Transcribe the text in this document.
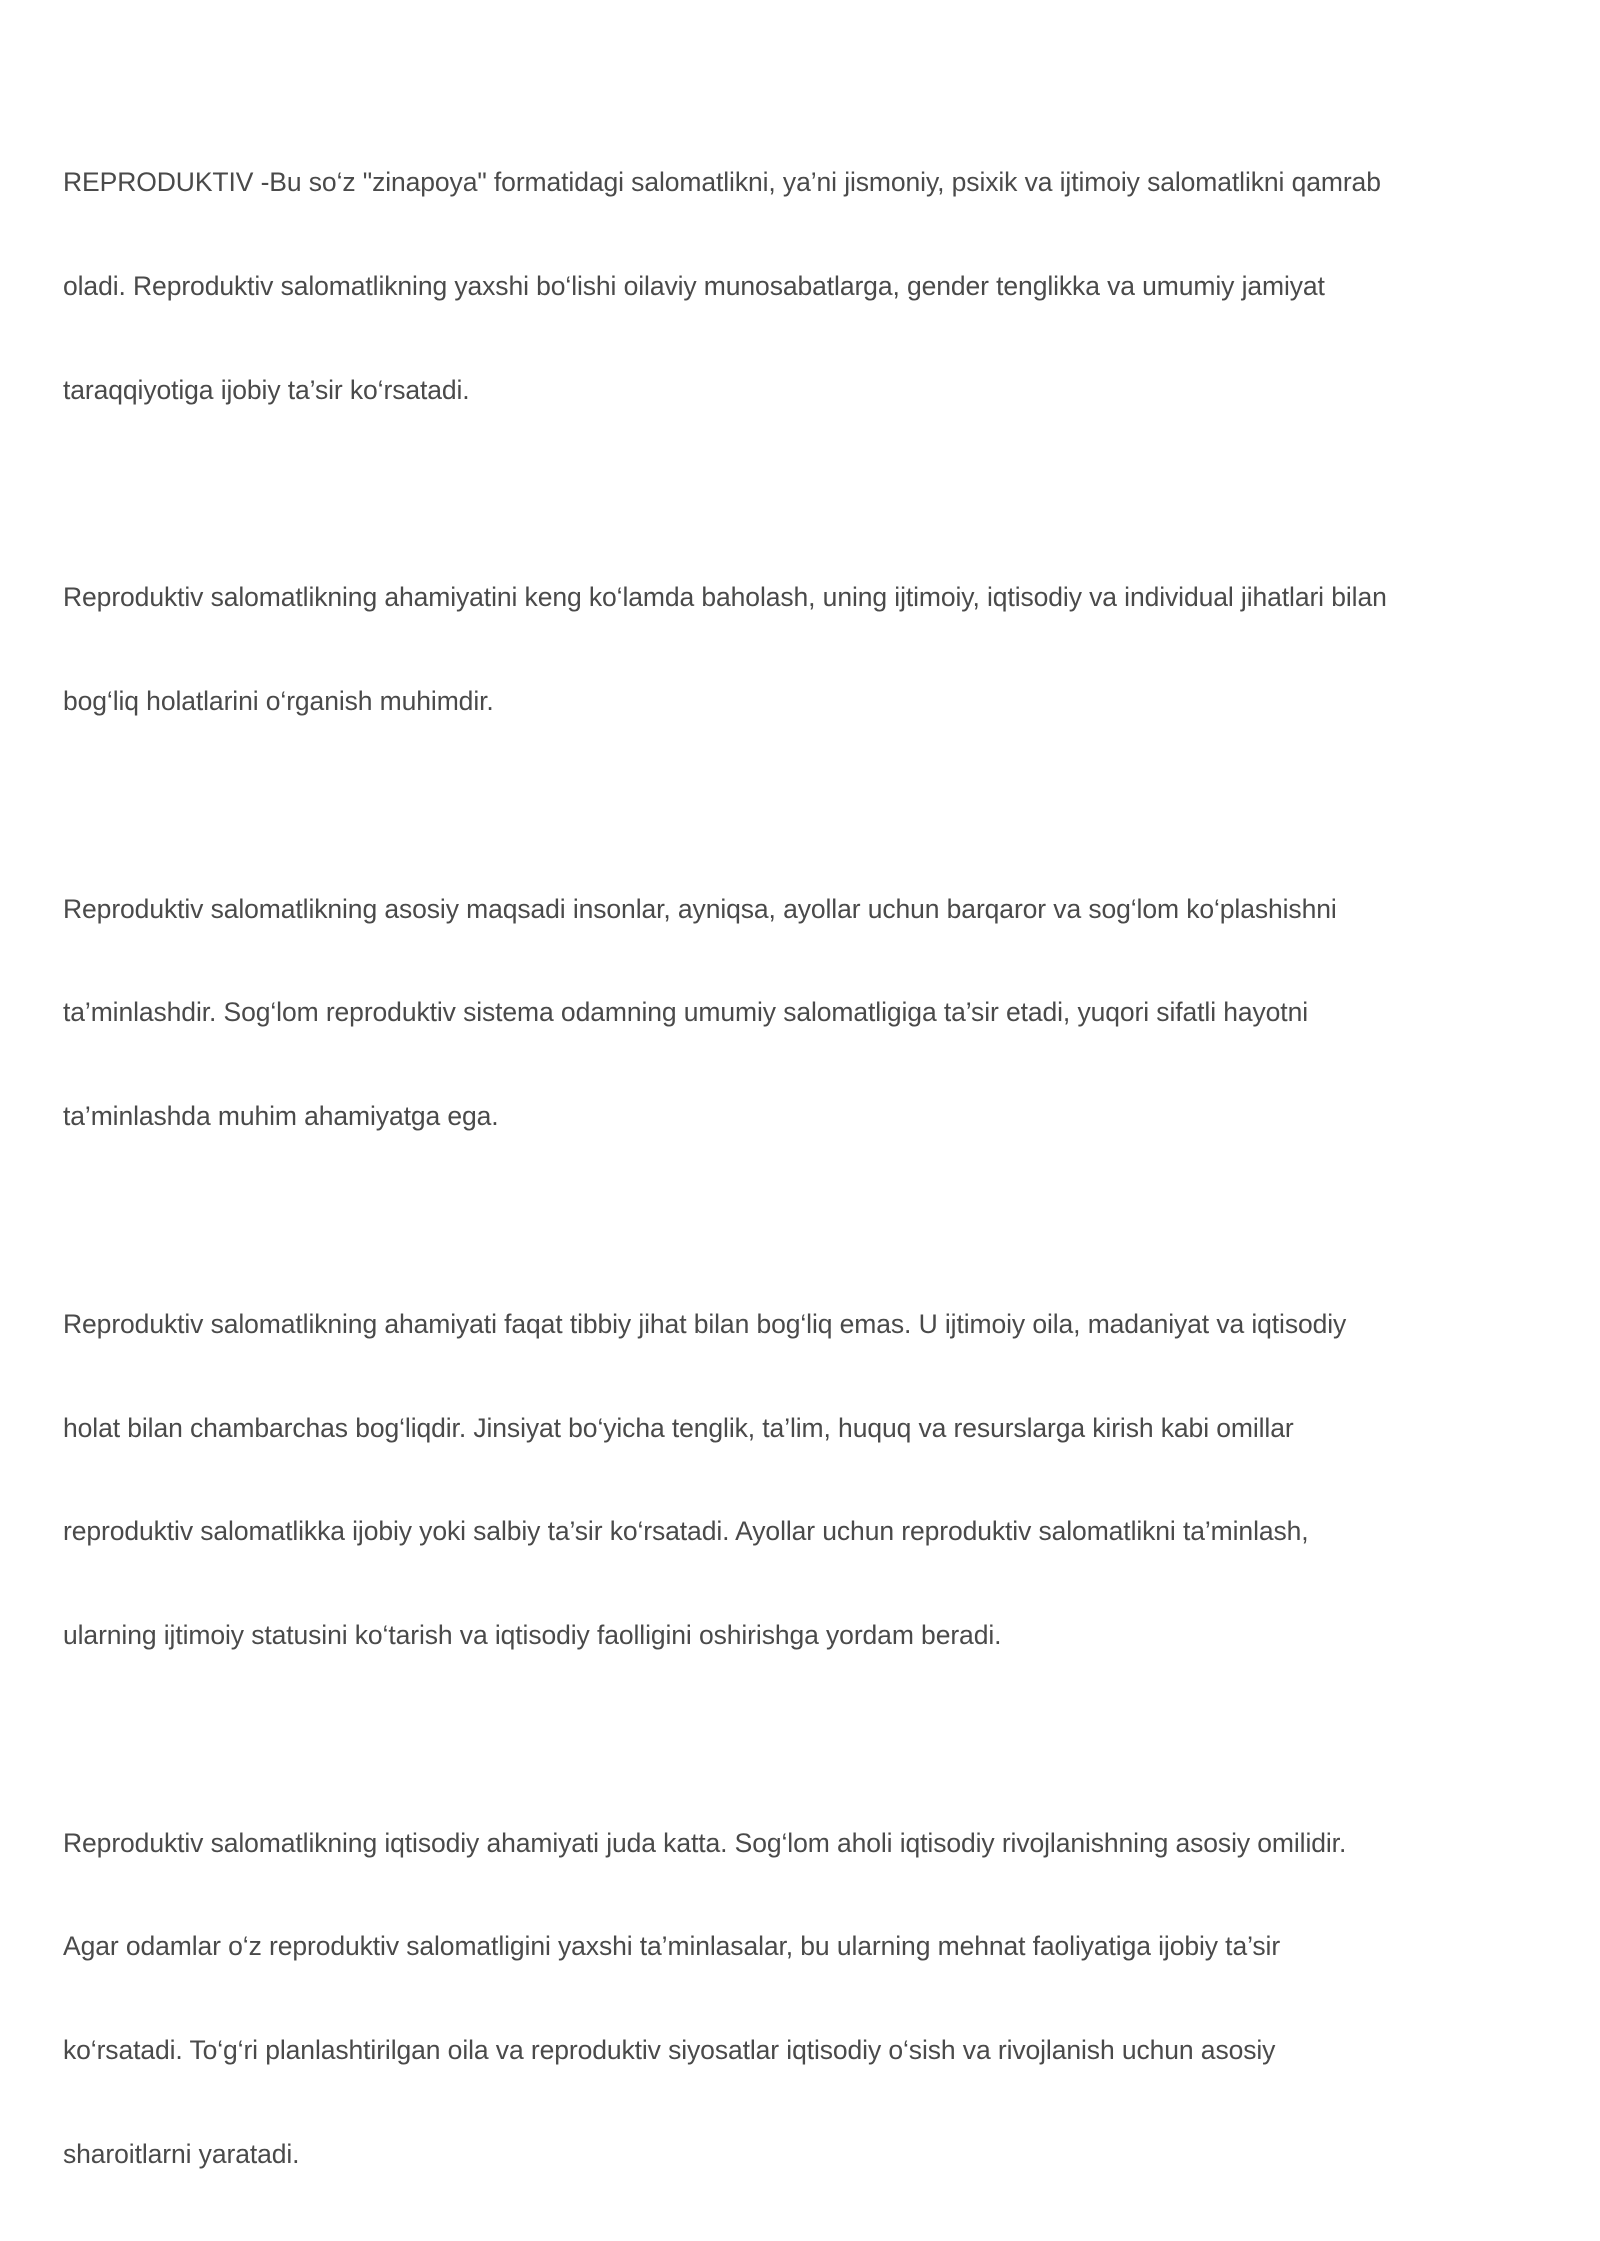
REPRODUKTIV -Bu so‘z "zinapoya" formatidagi salomatlikni, ya’ni jismoniy, psixik va ijtimoiy salomatlikni qamrab

oladi. Reproduktiv salomatlikning yaxshi bo‘lishi oilaviy munosabatlarga, gender tenglikka va umumiy jamiyat

taraqqiyotiga ijobiy ta’sir ko‘rsatadi.

Reproduktiv salomatlikning ahamiyatini keng ko‘lamda baholash, uning ijtimoiy, iqtisodiy va individual jihatlari bilan

bog‘liq holatlarini o‘rganish muhimdir.

Reproduktiv salomatlikning asosiy maqsadi insonlar, ayniqsa, ayollar uchun barqaror va sog‘lom ko‘plashishni

ta’minlashdir. Sog‘lom reproduktiv sistema odamning umumiy salomatligiga ta’sir etadi, yuqori sifatli hayotni

ta’minlashda muhim ahamiyatga ega.

Reproduktiv salomatlikning ahamiyati faqat tibbiy jihat bilan bog‘liq emas. U ijtimoiy oila, madaniyat va iqtisodiy

holat bilan chambarchas bog‘liqdir. Jinsiyat bo‘yicha tenglik, ta’lim, huquq va resurslarga kirish kabi omillar

reproduktiv salomatlikka ijobiy yoki salbiy ta’sir ko‘rsatadi. Ayollar uchun reproduktiv salomatlikni ta’minlash,

ularning ijtimoiy statusini ko‘tarish va iqtisodiy faolligini oshirishga yordam beradi.

Reproduktiv salomatlikning iqtisodiy ahamiyati juda katta. Sog‘lom aholi iqtisodiy rivojlanishning asosiy omilidir.

Agar odamlar o‘z reproduktiv salomatligini yaxshi ta’minlasalar, bu ularning mehnat faoliyatiga ijobiy ta’sir

ko‘rsatadi. To‘g‘ri planlashtirilgan oila va reproduktiv siyosatlar iqtisodiy o‘sish va rivojlanish uchun asosiy

sharoitlarni yaratadi.
